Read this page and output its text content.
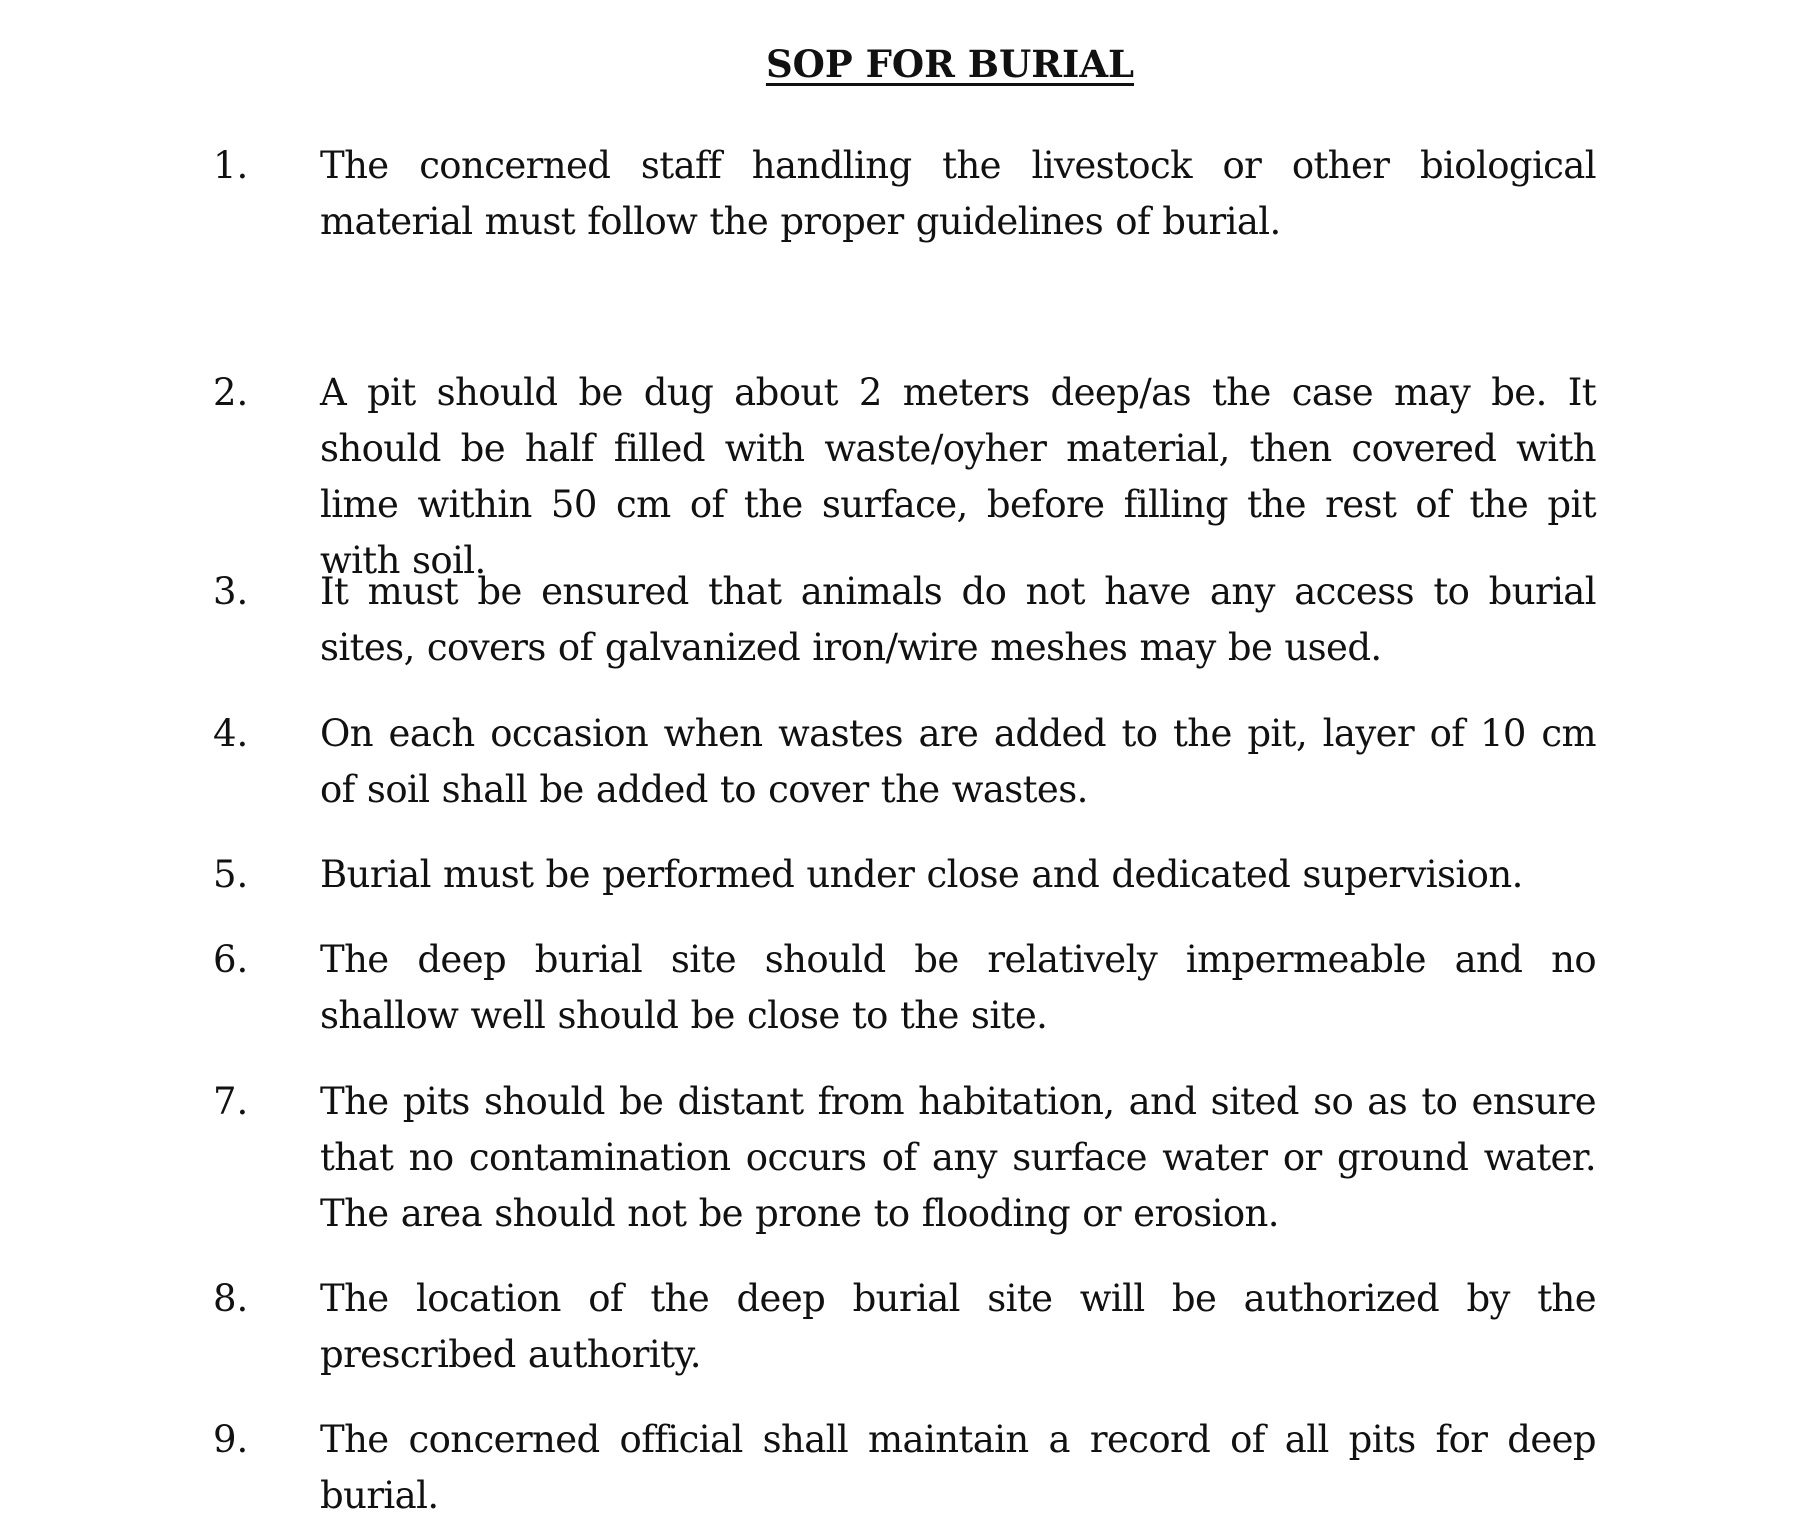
SOP FOR BURIAL
1. The concerned staff handling the livestock or other biological material must follow the proper guidelines of burial.
2. A pit should be dug about 2 meters deep/as the case may be. It should be half filled with waste/oyher material, then covered with lime within 50 cm of the surface, before filling the rest of the pit with soil.
3. It must be ensured that animals do not have any access to burial sites, covers of galvanized iron/wire meshes may be used.
4. On each occasion when wastes are added to the pit, layer of 10 cm of soil shall be added to cover the wastes.
5. Burial must be performed under close and dedicated supervision.
6. The deep burial site should be relatively impermeable and no shallow well should be close to the site.
7. The pits should be distant from habitation, and sited so as to ensure that no contamination occurs of any surface water or ground water. The area should not be prone to flooding or erosion.
8. The location of the deep burial site will be authorized by the prescribed authority.
9. The concerned official shall maintain a record of all pits for deep burial.
